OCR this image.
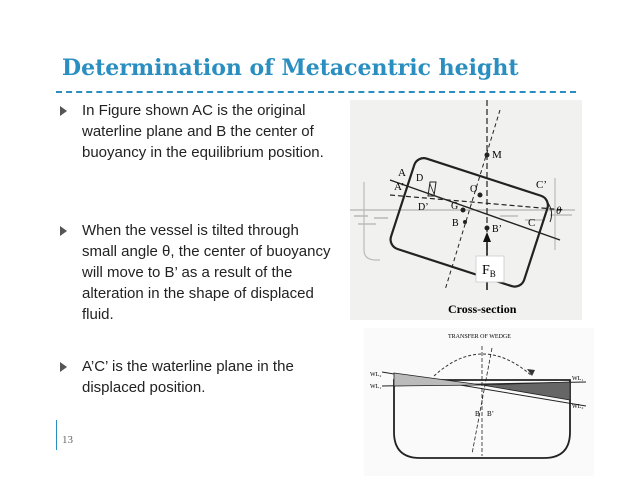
Determination of Metacentric height
In Figure shown AC is the original waterline plane and B the center of buoyancy in the equilibrium position.
When the vessel is tilted through small angle θ, the center of buoyancy will move to B’ as a result of the alteration in the shape of displaced fluid.
A’C’ is the waterline plane in the displaced position.
M
A
A’
D
D’
O
G
B
B’
C’
C
θ
$F_B$
Cross-section
TRANSFER OF WEDGE
WL₂
WL₁
WL₁
WL₂
B B’
13
